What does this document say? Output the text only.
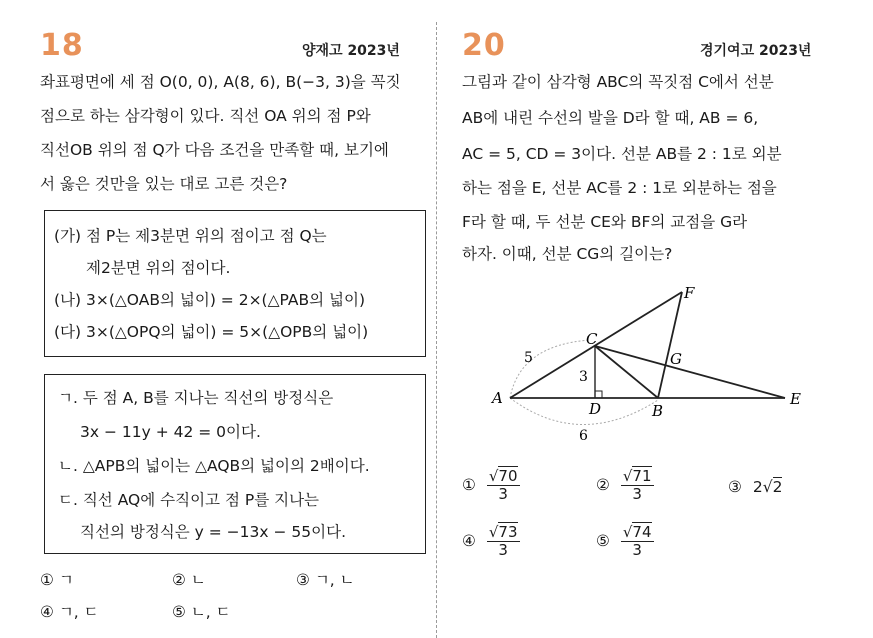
18	양재고 2023년
좌표평면에 세 점 O(0, 0), A(8, 6), B(−3, 3)을 꼭짓
점으로 하는 삼각형이 있다. 직선 OA 위의 점 P와
직선OB 위의 점 Q가 다음 조건을 만족할 때, 보기에
서 옳은 것만을 있는 대로 고른 것은?
(가) 점 P는 제3분면 위의 점이고 점 Q는
제2분면 위의 점이다.
(나) 3×(△OAB의 넓이) = 2×(△PAB의 넓이)
(다) 3×(△OPQ의 넓이) = 5×(△OPB의 넓이)
ㄱ. 두 점 A, B를 지나는 직선의 방정식은
3x − 11y + 42 = 0이다.
ㄴ. △APB의 넓이는 △AQB의 넓이의 2배이다.
ㄷ. 직선 AQ에 수직이고 점 P를 지나는
직선의 방정식은 y = −13x − 55이다.
① ㄱ	② ㄴ	③ ㄱ, ㄴ
④ ㄱ, ㄷ	⑤ ㄴ, ㄷ
20	경기여고 2023년
그림과 같이 삼각형 ABC의 꼭짓점 C에서 선분
AB에 내린 수선의 발을 D라 할 때, AB = 6,
AC = 5, CD = 3이다. 선분 AB를 2 : 1로 외분
하는 점을 E, 선분 AC를 2 : 1로 외분하는 점을
F라 할 때, 두 선분 CE와 BF의 교점을 G라
하자. 이때, 선분 CG의 길이는?
A
B
C
D
E
F
G
5
3
6
① $\frac{√70}{3}$	② $\frac{√71}{3}$	③ 2√2
④ $\frac{√73}{3}$	⑤ $\frac{√74}{3}$
